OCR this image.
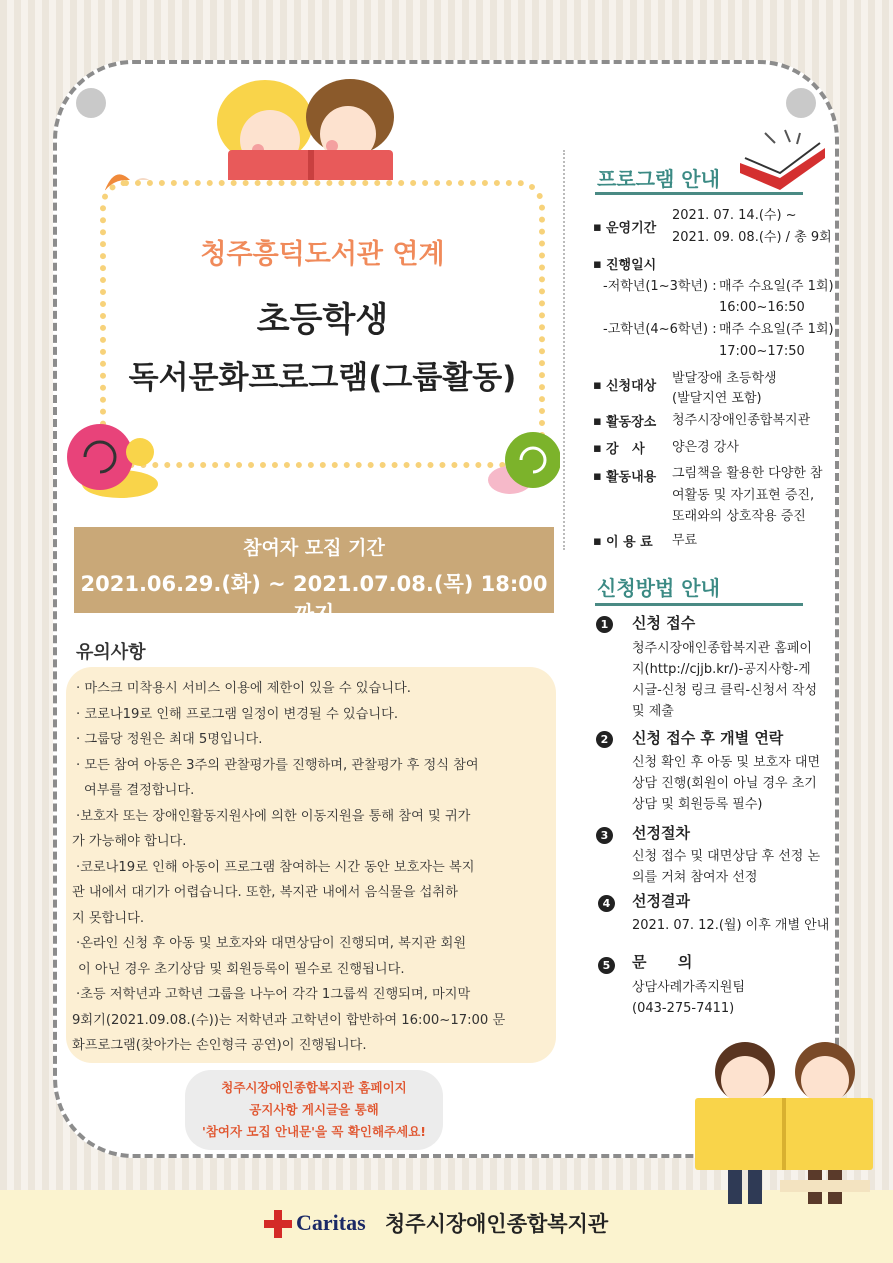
청주흥덕도서관 연계
초등학생
독서문화프로그램(그룹활동)
참여자 모집 기간
2021.06.29.(화) ~ 2021.07.08.(목) 18:00 까지
유의사항
· 마스크 미착용시 서비스 이용에 제한이 있을 수 있습니다.
· 코로나19로 인해 프로그램 일정이 변경될 수 있습니다.
· 그룹당 정원은 최대 5명입니다.
· 모든 참여 아동은 3주의 관찰평가를 진행하며, 관찰평가 후 정식 참여
여부를 결정합니다.
·보호자 또는 장애인활동지원사에 의한 이동지원을 통해 참여 및 귀가
가 가능해야 합니다.
·코로나19로 인해 아동이 프로그램 참여하는 시간 동안 보호자는 복지
관 내에서 대기가 어렵습니다. 또한, 복지관 내에서 음식물을 섭취하
지 못합니다.
·온라인 신청 후 아동 및 보호자와 대면상담이 진행되며, 복지관 회원
이 아닌 경우 초기상담 및 회원등록이 필수로 진행됩니다.
·초등 저학년과 고학년 그룹을 나누어 각각 1그룹씩 진행되며, 마지막
9회기(2021.09.08.(수))는 저학년과 고학년이 합반하여 16:00~17:00 문
화프로그램(찾아가는 손인형극 공연)이 진행됩니다.
청주시장애인종합복지관 홈페이지
공지사항 게시글을 통해
'참여자 모집 안내문'을 꼭 확인해주세요!
프로그램 안내
▪ 운영기간
2021. 07. 14.(수) ~
2021. 09. 08.(수) / 총 9회
▪ 진행일시
-저학년(1~3학년) : 매주 수요일(주 1회)
16:00~16:50
-고학년(4~6학년) : 매주 수요일(주 1회)
17:00~17:50
▪ 신청대상
발달장애 초등학생
(발달지연 포함)
▪ 활동장소 청주시장애인종합복지관
▪ 강   사 양은경 강사
▪ 활동내용 그림책을 활용한 다양한 참
여활동 및 자기표현 증진,
또래와의 상호작용 증진
▪ 이 용 료 무료
신청방법 안내
1	신청 접수
청주시장애인종합복지관 홈페이
지(http://cjjb.kr/)-공지사항-게
시글-신청 링크 클릭-신청서 작성
및 제출
2	신청 접수 후 개별 연락
신청 확인 후 아동 및 보호자 대면
상담 진행(회원이 아닐 경우 초기
상담 및 회원등록 필수)
3	선정절차
신청 접수 및 대면상담 후 선정 논
의를 거쳐 참여자 선정
4	선정결과
2021. 07. 12.(월) 이후 개별 안내
5	문      의
상담사례가족지원팀
(043-275-7411)
Caritas 청주시장애인종합복지관
